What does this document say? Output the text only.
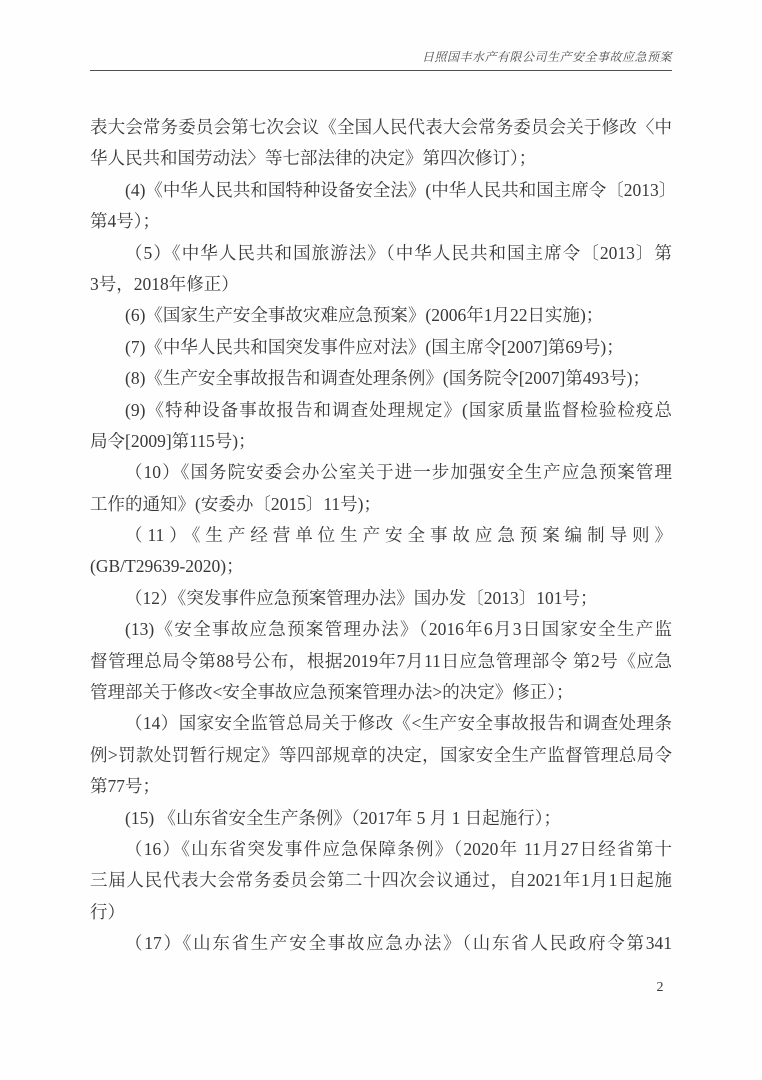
日照国丰水产有限公司生产安全事故应急预案
表大会常务委员会第七次会议《全国人民代表大会常务委员会关于修改〈中
华人民共和国劳动法〉等七部法律的决定》第四次修订）；
(4)《中华人民共和国特种设备安全法》(中华人民共和国主席令〔2013〕
第4号）；
（5）《中华人民共和国旅游法》（中华人民共和国主席令〔2013〕第
3号，2018年修正）
(6)《国家生产安全事故灾难应急预案》(2006年1月22日实施)；
(7)《中华人民共和国突发事件应对法》(国主席令[2007]第69号)；
(8)《生产安全事故报告和调查处理条例》(国务院令[2007]第493号)；
(9)《特种设备事故报告和调查处理规定》(国家质量监督检验检疫总
局令[2009]第115号)；
（10）《国务院安委会办公室关于进一步加强安全生产应急预案管理
工作的通知》(安委办〔2015〕11号)；
（11）《生产经营单位生产安全事故应急预案编制导则》
(GB/T29639-2020)；
（12）《突发事件应急预案管理办法》国办发〔2013〕101号；
(13)《安全事故应急预案管理办法》（2016年6月3日国家安全生产监
督管理总局令第88号公布，根据2019年7月11日应急管理部令 第2号《应急
管理部关于修改<安全事故应急预案管理办法>的决定》修正）；
（14）国家安全监管总局关于修改《<生产安全事故报告和调查处理条
例>罚款处罚暂行规定》等四部规章的决定，国家安全生产监督管理总局令
第77号；
(15) 《山东省安全生产条例》（2017年 5 月 1 日起施行）；
（16）《山东省突发事件应急保障条例》（2020年 11月27日经省第十
三届人民代表大会常务委员会第二十四次会议通过，自2021年1月1日起施
行）
（17）《山东省生产安全事故应急办法》（山东省人民政府令第341
2
